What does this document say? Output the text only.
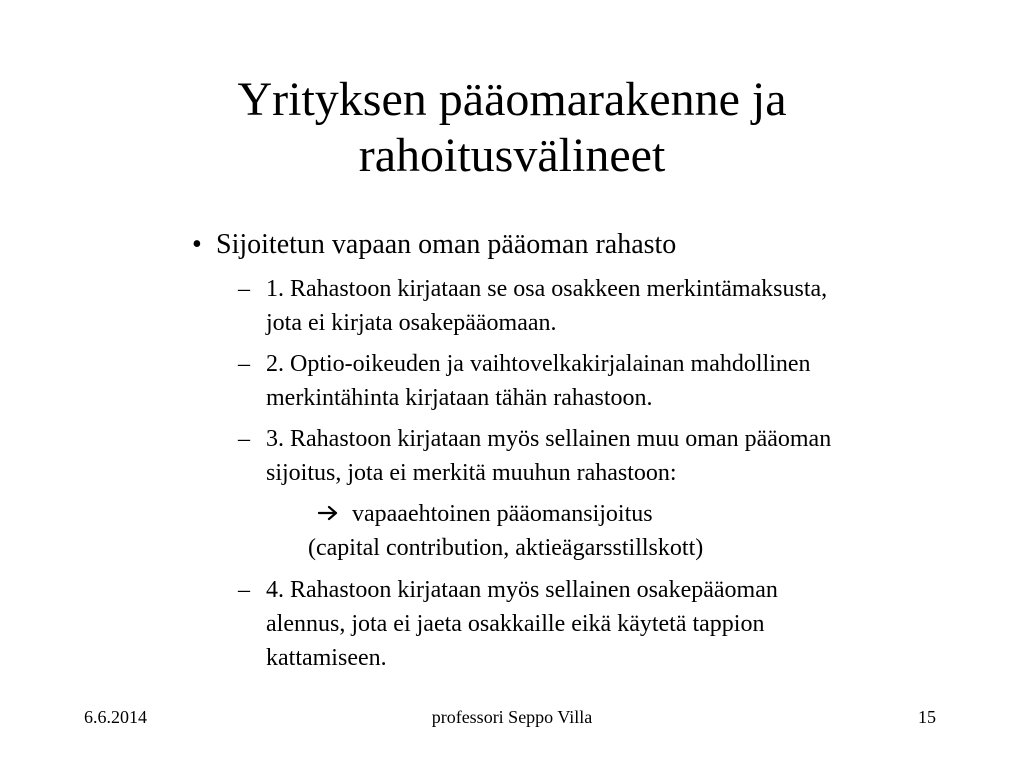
Yrityksen pääomarakenne ja
rahoitusvälineet
• Sijoitetun vapaan oman pääoman rahasto
– 1. Rahastoon kirjataan se osa osakkeen merkintämaksusta,
jota ei kirjata osakepääomaan.
– 2. Optio-oikeuden ja vaihtovelkakirjalainan mahdollinen
merkintähinta kirjataan tähän rahastoon.
– 3. Rahastoon kirjataan myös sellainen muu oman pääoman
sijoitus, jota ei merkitä muuhun rahastoon:
vapaaehtoinen pääomansijoitus
(capital contribution, aktieägarsstillskott)
– 4. Rahastoon kirjataan myös sellainen osakepääoman
alennus, jota ei jaeta osakkaille eikä käytetä tappion
kattamiseen.
6.6.2014	professori Seppo Villa	15
